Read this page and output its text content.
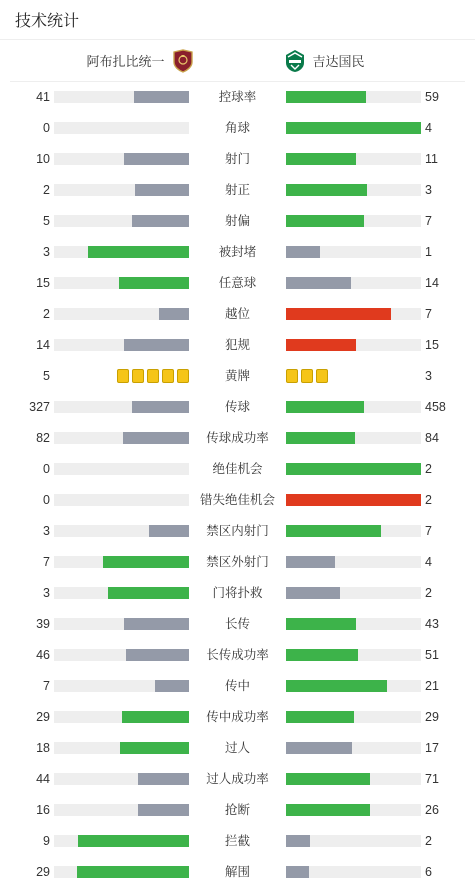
技术统计
阿布扎比统一	吉达国民
41	控球率	59
0	角球	4
10	射门	11
2	射正	3
5	射偏	7
3	被封堵	1
15	任意球	14
2	越位	7
14	犯规	15
5	黄牌	3
327	传球	458
82	传球成功率	84
0	绝佳机会	2
0	错失绝佳机会	2
3	禁区内射门	7
7	禁区外射门	4
3	门将扑救	2
39	长传	43
46	长传成功率	51
7	传中	21
29	传中成功率	29
18	过人	17
44	过人成功率	71
16	抢断	26
9	拦截	2
29	解围	6
